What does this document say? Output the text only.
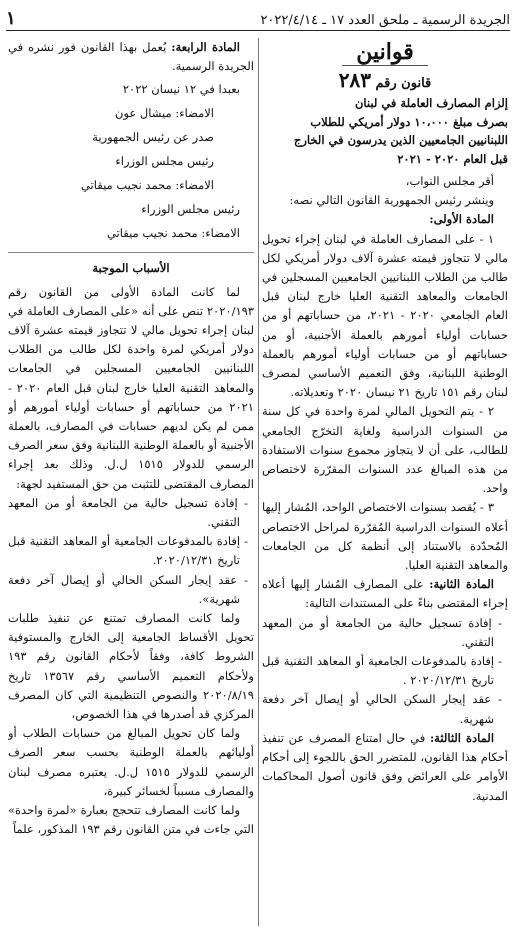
الجريدة الرسمية ـ ملحق العدد ١٧ ـ ٢٠٢٢/٤/١٤
١
قوانين
قانون رقم ٢٨٣

إلزام المصارف العاملة في لبنان

بصرف مبلغ ١٠،٠٠٠ دولار أمريكي للطلاب

اللبنانيين الجامعيين الذين يدرسون في الخارج

قبل العام ٢٠٢٠ - ٢٠٢١

أقر مجلس النواب،

وينشر رئيس الجمهورية القانون التالي نصه:

المادة الأولى:

١ - على المصارف العاملة في لبنان إجراء تحويل مالي لا تتجاوز قيمته عشرة آلاف دولار أمريكي لكل طالب من الطلاب اللبنانيين الجامعيين المسجلين في الجامعات والمعاهد التقنية العليا خارج لبنان قبل العام الجامعي ٢٠٢٠ - ٢٠٢١، من حساباتهم أو من حسابات أولياء أمورهم بالعملة الأجنبية، أو من حساباتهم أو من حسابات أولياء أمورهم بالعملة الوطنية اللبنانية، وفق التعميم الأساسي لمصرف لبنان رقم ١٥١ تاريخ ٢١ نيسان ٢٠٢٠ وتعديلاته.

٢ - يتم التحويل المالي لمرة واحدة في كل سنة من السنوات الدراسية ولغاية التخرّج الجامعي للطالب، على أن لا يتجاوز مجموع سنوات الاستفادة من هذه المبالغ عدد السنوات المقرّرة لاختصاص واحد.

٣ - يُقصد بسنوات الاختصاص الواحد، المُشار إليها أعلاه السنوات الدراسية المُقرّرة لمراحل الاختصاص المُحدّدة بالاستناد إلى أنظمة كل من الجامعات والمعاهد التقنية العليا.

المادة الثانية: على المصارف المُشار إليها أعلاه إجراء المقتضى بناءً على المستندات التالية:

- إفادة تسجيل حالية من الجامعة أو من المعهد التقني.

- إفادة بالمدفوعات الجامعية أو المعاهد التقنية قبل تاريخ ٢٠٢٠/١٢/٣١ .

- عقد إيجار السكن الحالي أو إيصال آخر دفعة شهرية.

المادة الثالثة: في حال امتناع المصرف عن تنفيذ أحكام هذا القانون، للمتضرر الحق باللجوء إلى أحكام الأوامر على العرائض وفق قانون أصول المحاكمات المدنية.

المادة الرابعة: يُعمل بهذا القانون فور نشره في الجريدة الرسمية.

بعبدا في ١٢ نيسان ٢٠٢٢

الامضاء: ميشال عون

صدر عن رئيس الجمهورية

رئيس مجلس الوزراء

الامضاء: محمد نجيب ميقاتي

رئيس مجلس الوزراء

الامضاء: محمد نجيب ميقاتي

الأسباب الموجبة

لما كانت المادة الأولى من القانون رقم ٢٠٢٠/١٩٣ تنص على أنه «على المصارف العاملة في لبنان إجراء تحويل مالي لا تتجاوز قيمته عشرة آلاف دولار أمريكي لمرة واحدة لكل طالب من الطلاب اللبنانيين الجامعيين المسجلين في الجامعات والمعاهد التقنية العليا خارج لبنان قبل العام ٢٠٢٠ - ٢٠٢١ من حساباتهم أو حسابات أولياء أمورهم أو ممن لم يكن لديهم حسابات في المصارف، بالعملة الأجنبية أو بالعملة الوطنية اللبنانية وفق سعر الصرف الرسمي للدولار ١٥١٥ ل.ل. وذلك بعد إجراء المصارف المقتضى للتثبت من حق المستفيد لجهة:

- إفادة تسجيل حالية من الجامعة أو من المعهد التقني.

- إفادة بالمدفوعات الجامعية أو المعاهد التقنية قبل تاريخ ٢٠٢٠/١٢/٣١.

- عقد إيجار السكن الحالي أو إيصال آخر دفعة شهرية».

ولما كانت المصارف تمتنع عن تنفيذ طلبات تحويل الأقساط الجامعية إلى الخارج والمستوفية الشروط كافة، وفقاً لأحكام القانون رقم ١٩٣ ولأحكام التعميم الأساسي رقم ١٣٥٦٧ تاريخ ٢٠٢٠/٨/١٩ والنصوص التنظيمية التي كان المصرف المركزي قد أصدرها في هذا الخصوص،

ولما كان تحويل المبالغ من حسابات الطلاب أو أوليائهم بالعملة الوطنية بحسب سعر الصرف الرسمي للدولار ١٥١٥ ل.ل. يعتبره مصرف لبنان والمصارف مسبباً لخسائر كبيرة،

ولما كانت المصارف تتحجج بعبارة «لمرة واحدة» التي جاءت في متن القانون رقم ١٩٣ المذكور، علماً
